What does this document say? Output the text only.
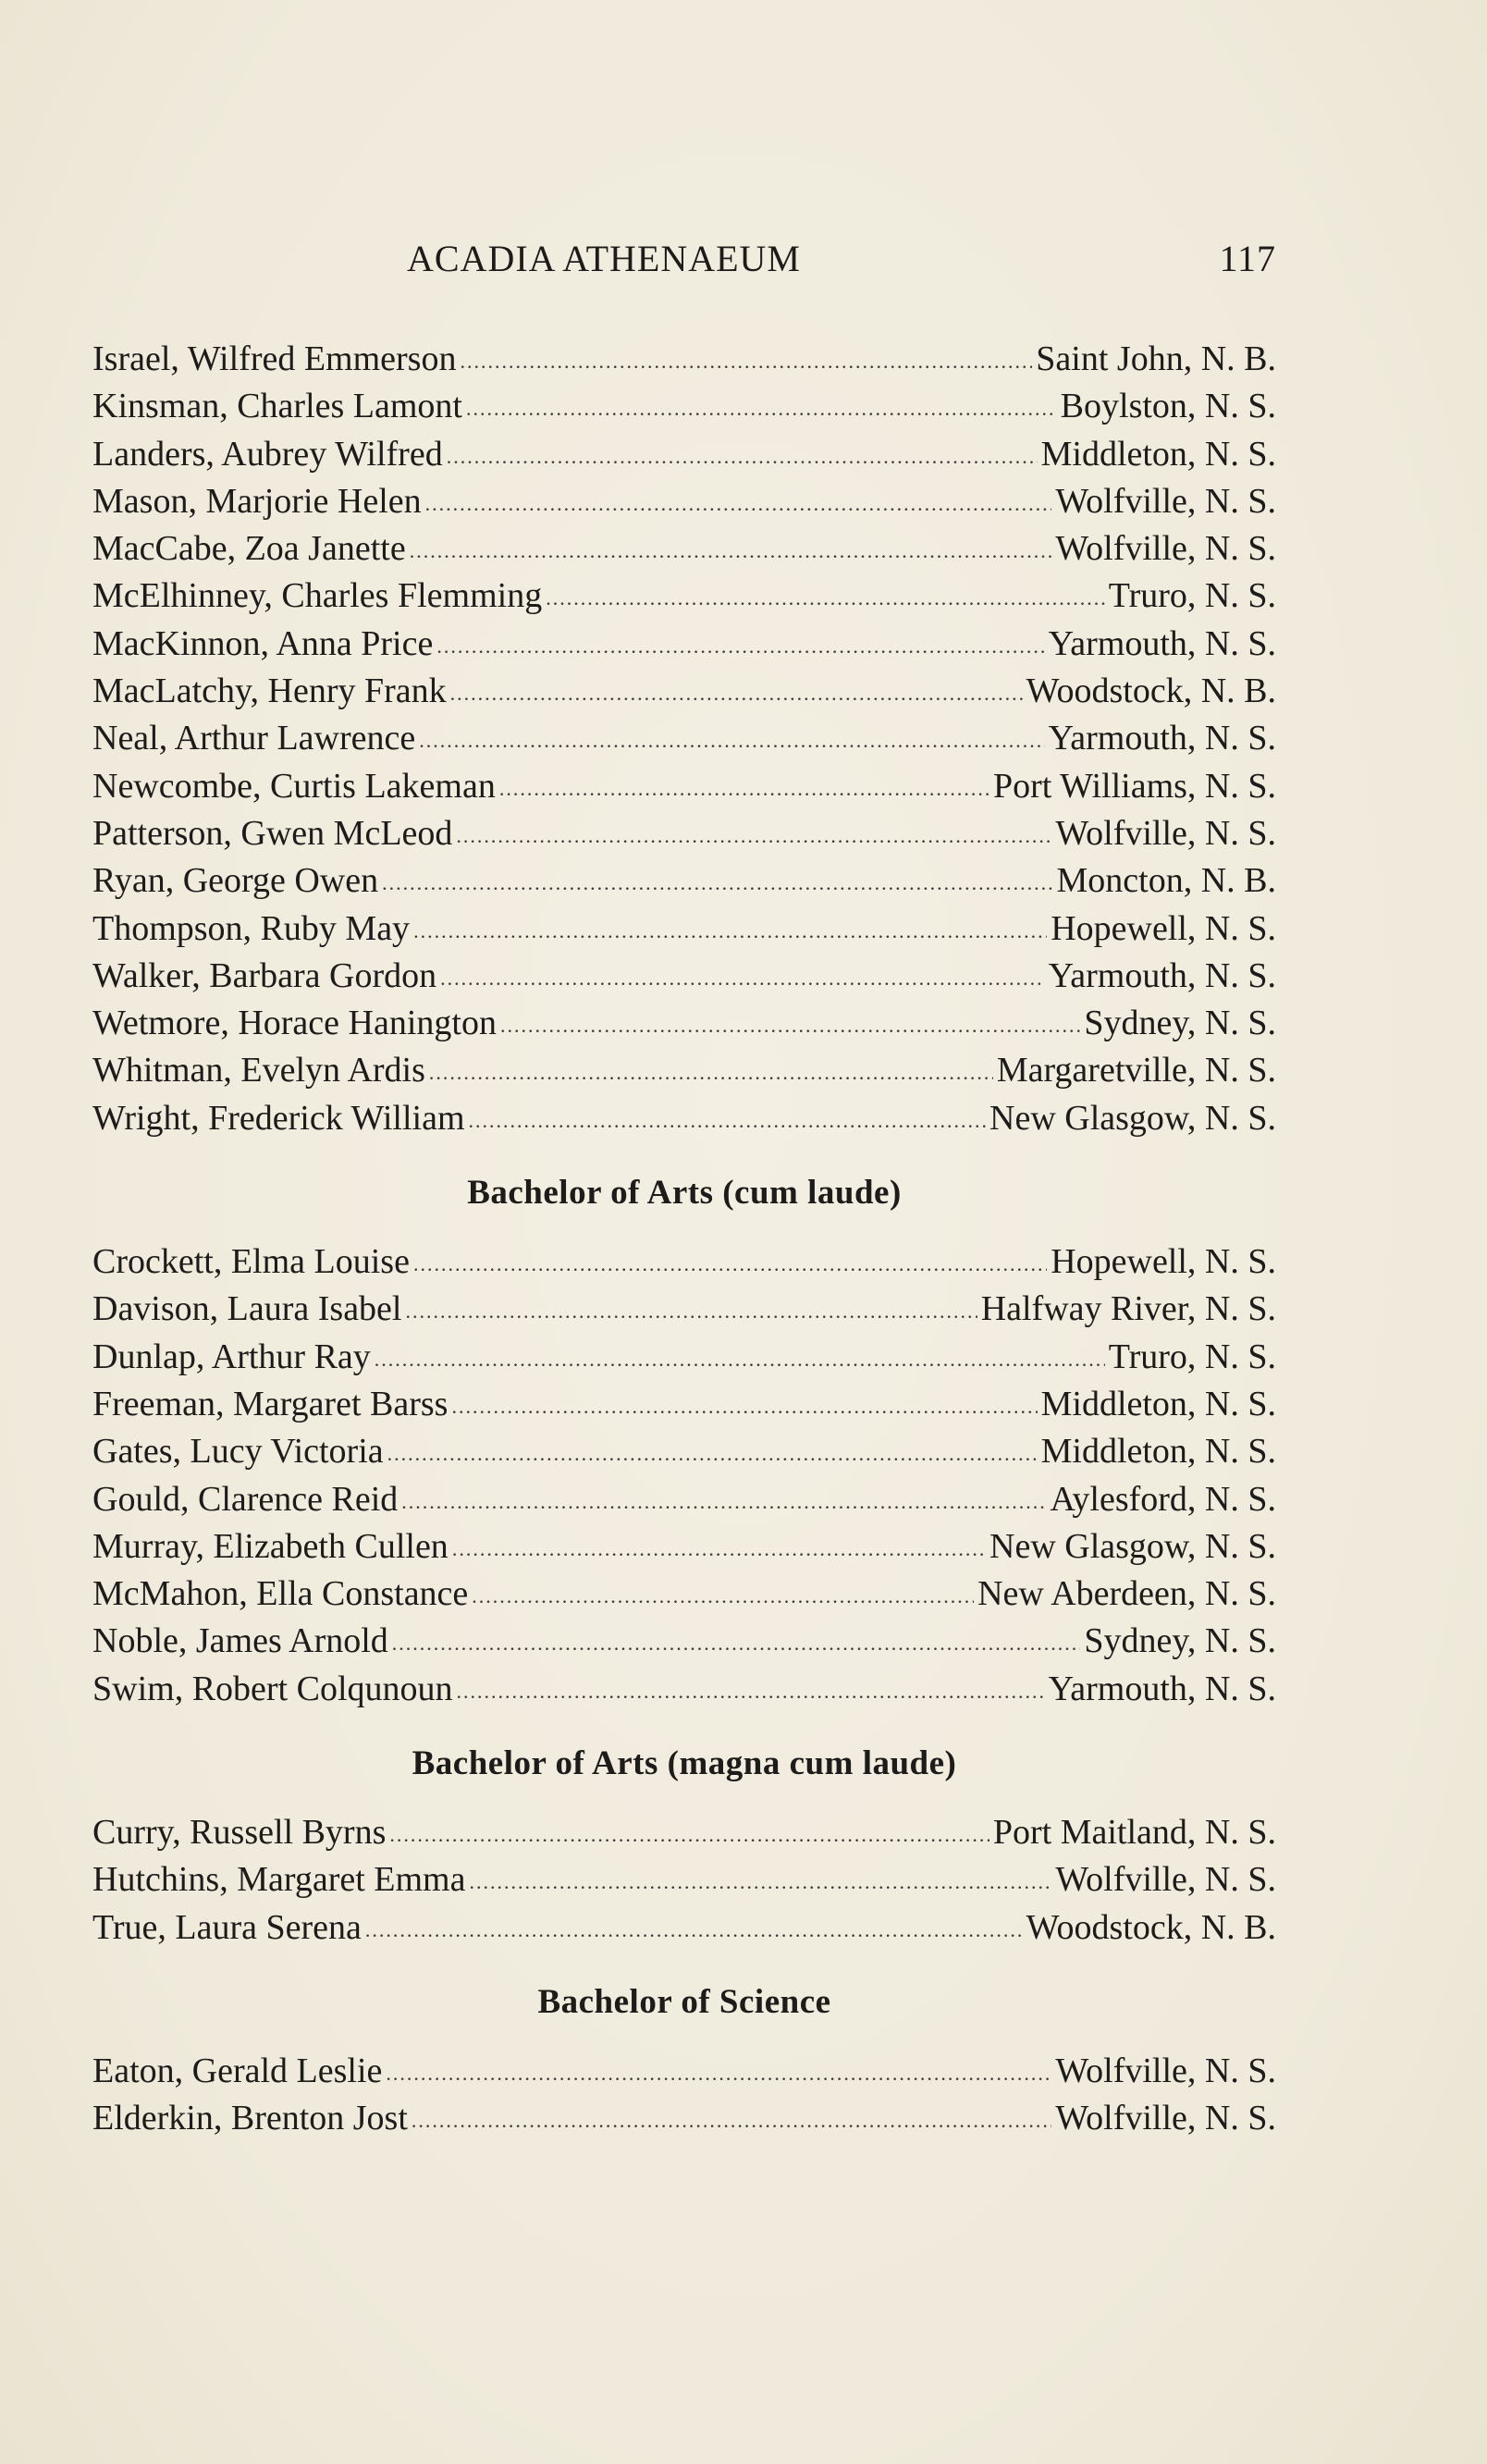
ACADIA ATHENAEUM	117
Israel, Wilfred Emmerson .....	Saint John, N. B.
Kinsman, Charles Lamont .....	Boylston, N. S.
Landers, Aubrey Wilfred .....	Middleton, N. S.
Mason, Marjorie Helen .....	Wolfville, N. S.
MacCabe, Zoa Janette .....	Wolfville, N. S.
McElhinney, Charles Flemming .....	Truro, N. S.
MacKinnon, Anna Price .....	Yarmouth, N. S.
MacLatchy, Henry Frank .....	Woodstock, N. B.
Neal, Arthur Lawrence .....	Yarmouth, N. S.
Newcombe, Curtis Lakeman .....	Port Williams, N. S.
Patterson, Gwen McLeod .....	Wolfville, N. S.
Ryan, George Owen .....	Moncton, N. B.
Thompson, Ruby May .....	Hopewell, N. S.
Walker, Barbara Gordon .....	Yarmouth, N. S.
Wetmore, Horace Hanington .....	Sydney, N. S.
Whitman, Evelyn Ardis .....	Margaretville, N. S.
Wright, Frederick William .....	New Glasgow, N. S.
Bachelor of Arts (cum laude)
Crockett, Elma Louise .....	Hopewell, N. S.
Davison, Laura Isabel .....	Halfway River, N. S.
Dunlap, Arthur Ray .....	Truro, N. S.
Freeman, Margaret Barss .....	Middleton, N. S.
Gates, Lucy Victoria .....	Middleton, N. S.
Gould, Clarence Reid .....	Aylesford, N. S.
Murray, Elizabeth Cullen .....	New Glasgow, N. S.
McMahon, Ella Constance .....	New Aberdeen, N. S.
Noble, James Arnold .....	Sydney, N. S.
Swim, Robert Colqunoun .....	Yarmouth, N. S.
Bachelor of Arts (magna cum laude)
Curry, Russell Byrns .....	Port Maitland, N. S.
Hutchins, Margaret Emma .....	Wolfville, N. S.
True, Laura Serena .....	Woodstock, N. B.
Bachelor of Science
Eaton, Gerald Leslie .....	Wolfville, N. S.
Elderkin, Brenton Jost .....	Wolfville, N. S.
